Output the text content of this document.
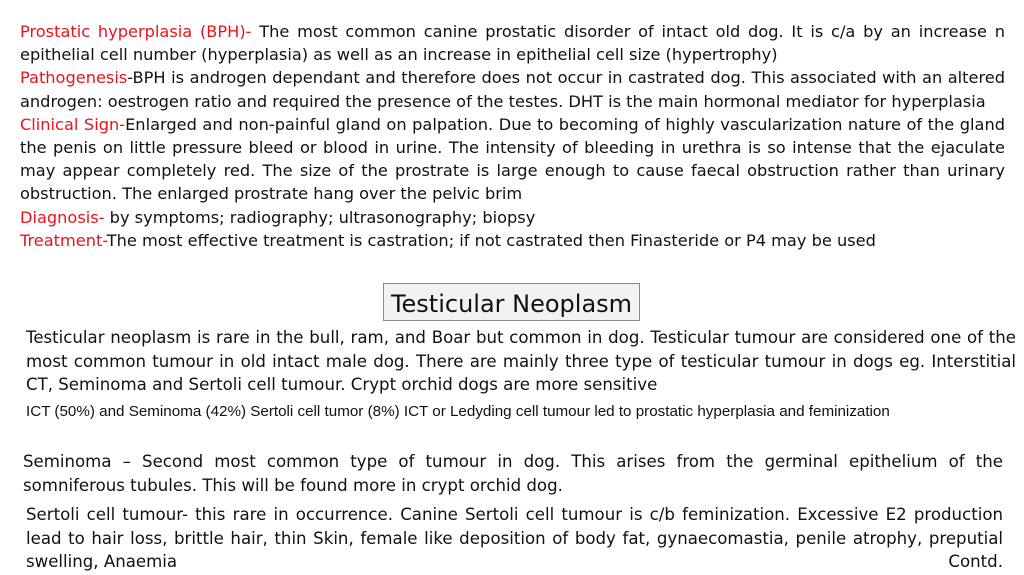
Prostatic hyperplasia (BPH)- The most common canine prostatic disorder of intact old dog. It is c/a by an increase n epithelial cell number (hyperplasia) as well as an increase in epithelial cell size (hypertrophy)
Pathogenesis-BPH is androgen dependant and therefore does not occur in castrated dog. This associated with an altered androgen: oestrogen ratio and required the presence of the testes. DHT is the main hormonal mediator for hyperplasia
Clinical Sign-Enlarged and non-painful gland on palpation. Due to becoming of highly vascularization nature of the gland the penis on little pressure bleed or blood in urine. The intensity of bleeding in urethra is so intense that the ejaculate may appear completely red. The size of the prostrate is large enough to cause faecal obstruction rather than urinary obstruction. The enlarged prostrate hang over the pelvic brim
Diagnosis- by symptoms; radiography; ultrasonography; biopsy
Treatment-The most effective treatment is castration; if not castrated then Finasteride or P4 may be used
Testicular Neoplasm

Testicular neoplasm is rare in the bull, ram, and Boar but common in dog. Testicular tumour are considered one of the most common tumour in old intact male dog. There are mainly three type of testicular tumour in dogs eg. Interstitial CT, Seminoma and Sertoli cell tumour. Crypt orchid dogs are more sensitive

ICT (50%) and Seminoma (42%) Sertoli cell tumor (8%) ICT or Ledyding cell tumour led to prostatic hyperplasia and feminization

Seminoma – Second most common type of tumour in dog. This arises from the germinal epithelium of the somniferous tubules. This will be found more in crypt orchid dog.

Sertoli cell tumour- this rare in occurrence. Canine Sertoli cell tumour is c/b feminization. Excessive E2 production lead to hair loss, brittle hair, thin Skin, female like deposition of body fat, gynaecomastia, penile atrophy, preputial swelling, Anaemia	Contd.
